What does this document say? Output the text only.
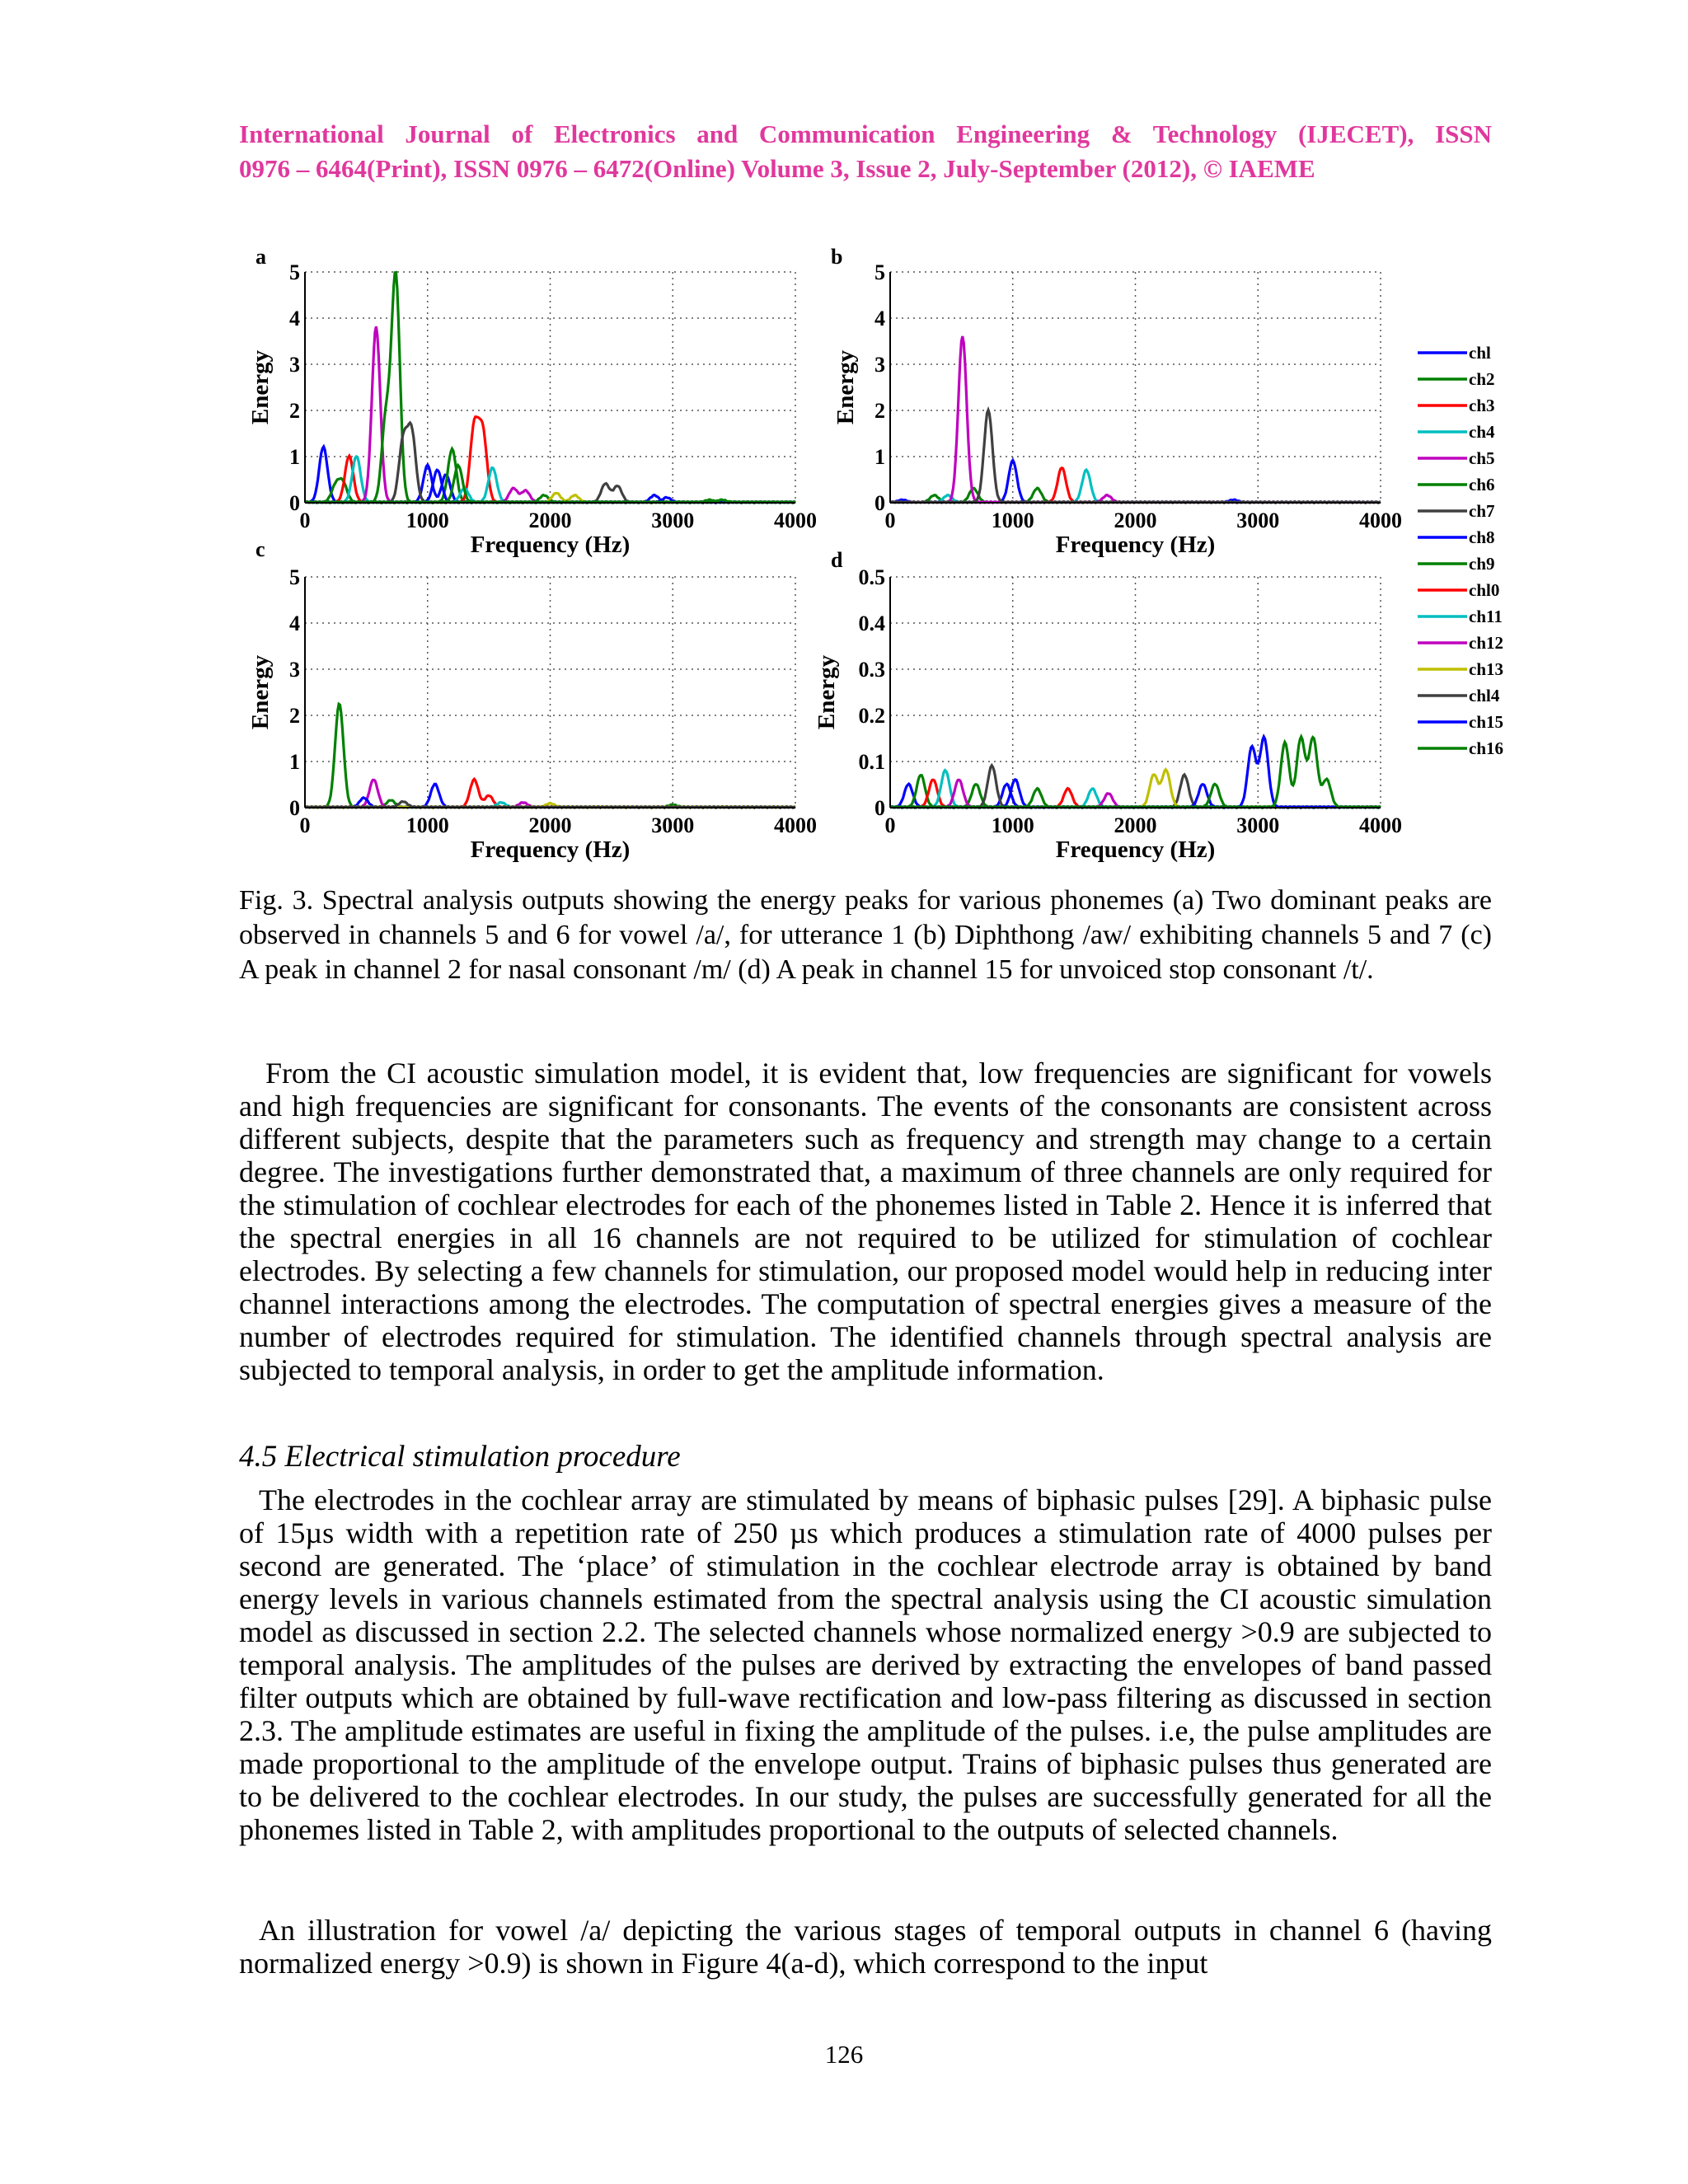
International Journal of Electronics and Communication Engineering & Technology (IJECET), ISSN
0976 – 6464(Print), ISSN 0976 – 6472(Online) Volume 3, Issue 2, July-September (2012), © IAEME
a
0	1000	2000	3000	4000
0
1
2
3
4
5
Frequency (Hz)
Energy
b
0	1000	2000	3000	4000
0
1
2
3
4
5
Frequency (Hz)
Energy
c
0	1000	2000	3000	4000
0
1
2
3
4
5
Frequency (Hz)
Energy
d
0	1000	2000	3000	4000
0
0.1
0.2
0.3
0.4
0.5
Frequency (Hz)
Energy
chl
ch2
ch3
ch4
ch5
ch6
ch7
ch8
ch9
chl0
ch11
ch12
ch13
chl4
ch15
ch16
Fig. 3. Spectral analysis outputs showing the energy peaks for various phonemes (a) Two dominant peaks are observed in channels 5 and 6 for vowel /a/, for utterance 1 (b) Diphthong /aw/ exhibiting channels 5 and 7 (c) A peak in channel 2 for nasal consonant /m/ (d) A peak in channel 15 for unvoiced stop consonant /t/.
From the CI acoustic simulation model, it is evident that, low frequencies are significant for vowels and high frequencies are significant for consonants. The events of the consonants are consistent across different subjects, despite that the parameters such as frequency and strength may change to a certain degree. The investigations further demonstrated that, a maximum of three channels are only required for the stimulation of cochlear electrodes for each of the phonemes listed in Table 2. Hence it is inferred that the spectral energies in all 16 channels are not required to be utilized for stimulation of cochlear electrodes. By selecting a few channels for stimulation, our proposed model would help in reducing inter channel interactions among the electrodes. The computation of spectral energies gives a measure of the number of electrodes required for stimulation. The identified channels through spectral analysis are subjected to temporal analysis, in order to get the amplitude information.
4.5 Electrical stimulation procedure
The electrodes in the cochlear array are stimulated by means of biphasic pulses [29]. A biphasic pulse of 15µs width with a repetition rate of 250 µs which produces a stimulation rate of 4000 pulses per second are generated. The ‘place’ of stimulation in the cochlear electrode array is obtained by band energy levels in various channels estimated from the spectral analysis using the CI acoustic simulation model as discussed in section 2.2. The selected channels whose normalized energy >0.9 are subjected to temporal analysis. The amplitudes of the pulses are derived by extracting the envelopes of band passed filter outputs which are obtained by full-wave rectification and low-pass filtering as discussed in section 2.3. The amplitude estimates are useful in fixing the amplitude of the pulses. i.e, the pulse amplitudes are made proportional to the amplitude of the envelope output. Trains of biphasic pulses thus generated are to be delivered to the cochlear electrodes. In our study, the pulses are successfully generated for all the phonemes listed in Table 2, with amplitudes proportional to the outputs of selected channels.
An illustration for vowel /a/ depicting the various stages of temporal outputs in channel 6 (having normalized energy >0.9) is shown in Figure 4(a-d), which correspond to the input
126
